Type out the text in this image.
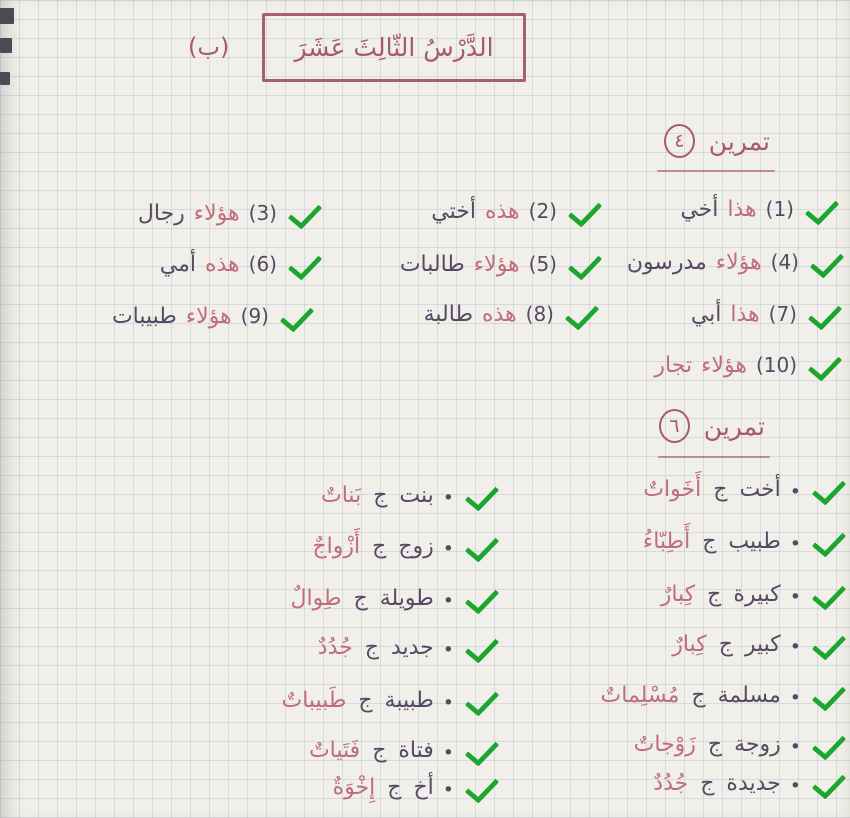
الدَّرْسُ الثّالِثَ عَشَرَ
(ب)
تمرين
٤
(1)
هذا
أخي
(2)
هذه
أختي
(3)
هؤلاء
رجال
(4)
هؤلاء
مدرسون
(5)
هؤلاء
طالبات
(6)
هذه
أمي
(7)
هذا
أبي
(8)
هذه
طالبة
(9)
هؤلاء
طبيبات
(10)
هؤلاء
تجار
تمرين
٦
•
أخت
ج
أَخَواتٌ
•
طبيب
ج
أَطِبّاءُ
•
كبيرة
ج
كِبارٌ
•
كبير
ج
كِبارٌ
•
مسلمة
ج
مُسْلِماتٌ
•
زوجة
ج
زَوْجاتٌ
•
جديدة
ج
جُدُدٌ
•
بنت
ج
بَناتٌ
•
زوج
ج
أَزْواجٌ
•
طويلة
ج
طِوالٌ
•
جديد
ج
جُدُدٌ
•
طبيبة
ج
طَبيباتٌ
•
فتاة
ج
فَتَياتٌ
•
أخ
ج
إِخْوَةٌ
